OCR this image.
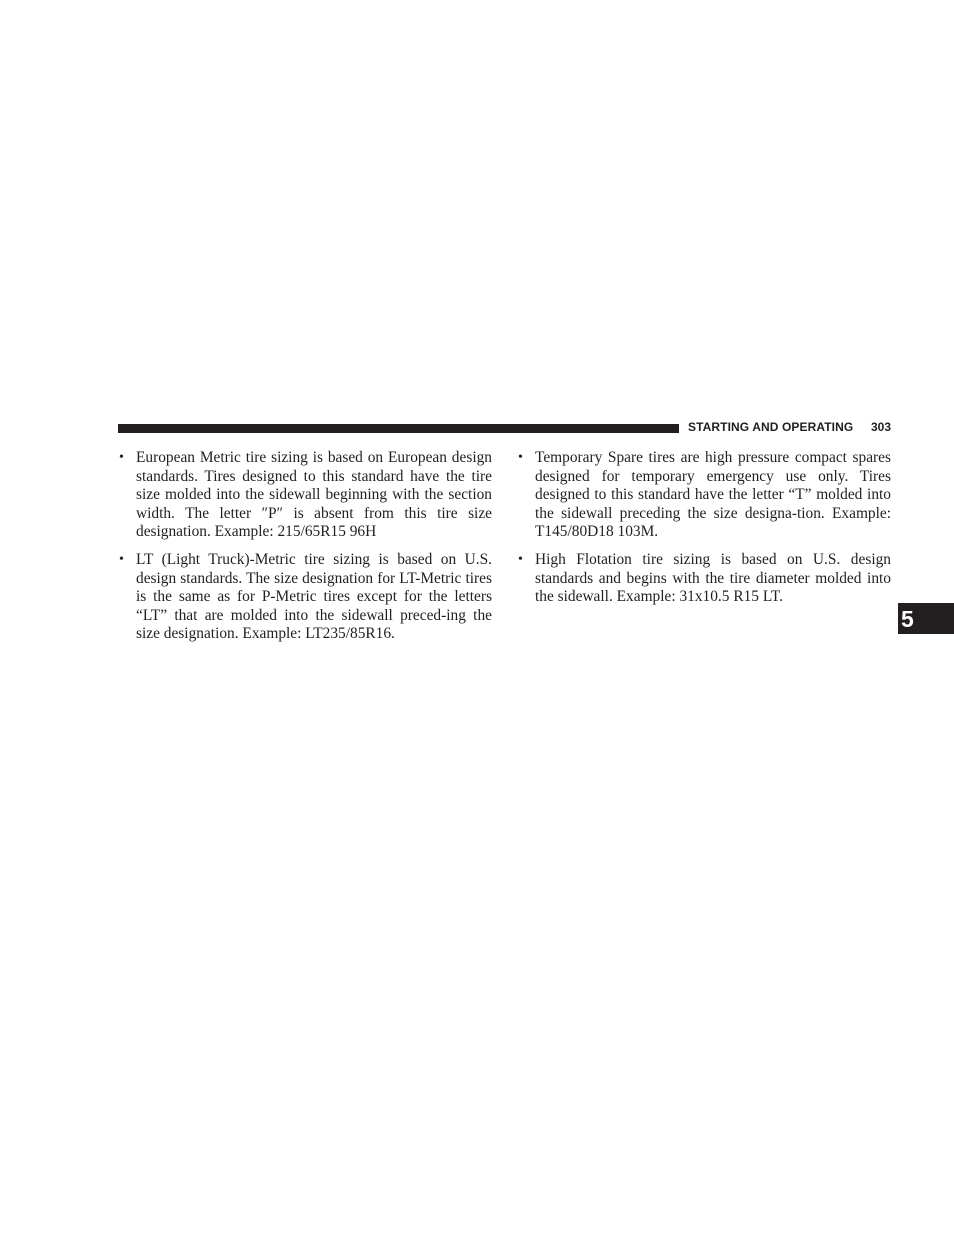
STARTING AND OPERATING 303
• European Metric tire sizing is based on European design standards. Tires designed to this standard have the tire size molded into the sidewall beginning with the section width. The letter ″P″ is absent from this tire size designation. Example: 215/65R15 96H
• LT (Light Truck)-Metric tire sizing is based on U.S. design standards. The size designation for LT-Metric tires is the same as for P-Metric tires except for the letters “LT” that are molded into the sidewall preced-ing the size designation. Example: LT235/85R16.
• Temporary Spare tires are high pressure compact spares designed for temporary emergency use only. Tires designed to this standard have the letter “T” molded into the sidewall preceding the size designa-tion. Example: T145/80D18 103M.
• High Flotation tire sizing is based on U.S. design standards and begins with the tire diameter molded into the sidewall. Example: 31x10.5 R15 LT.
5
